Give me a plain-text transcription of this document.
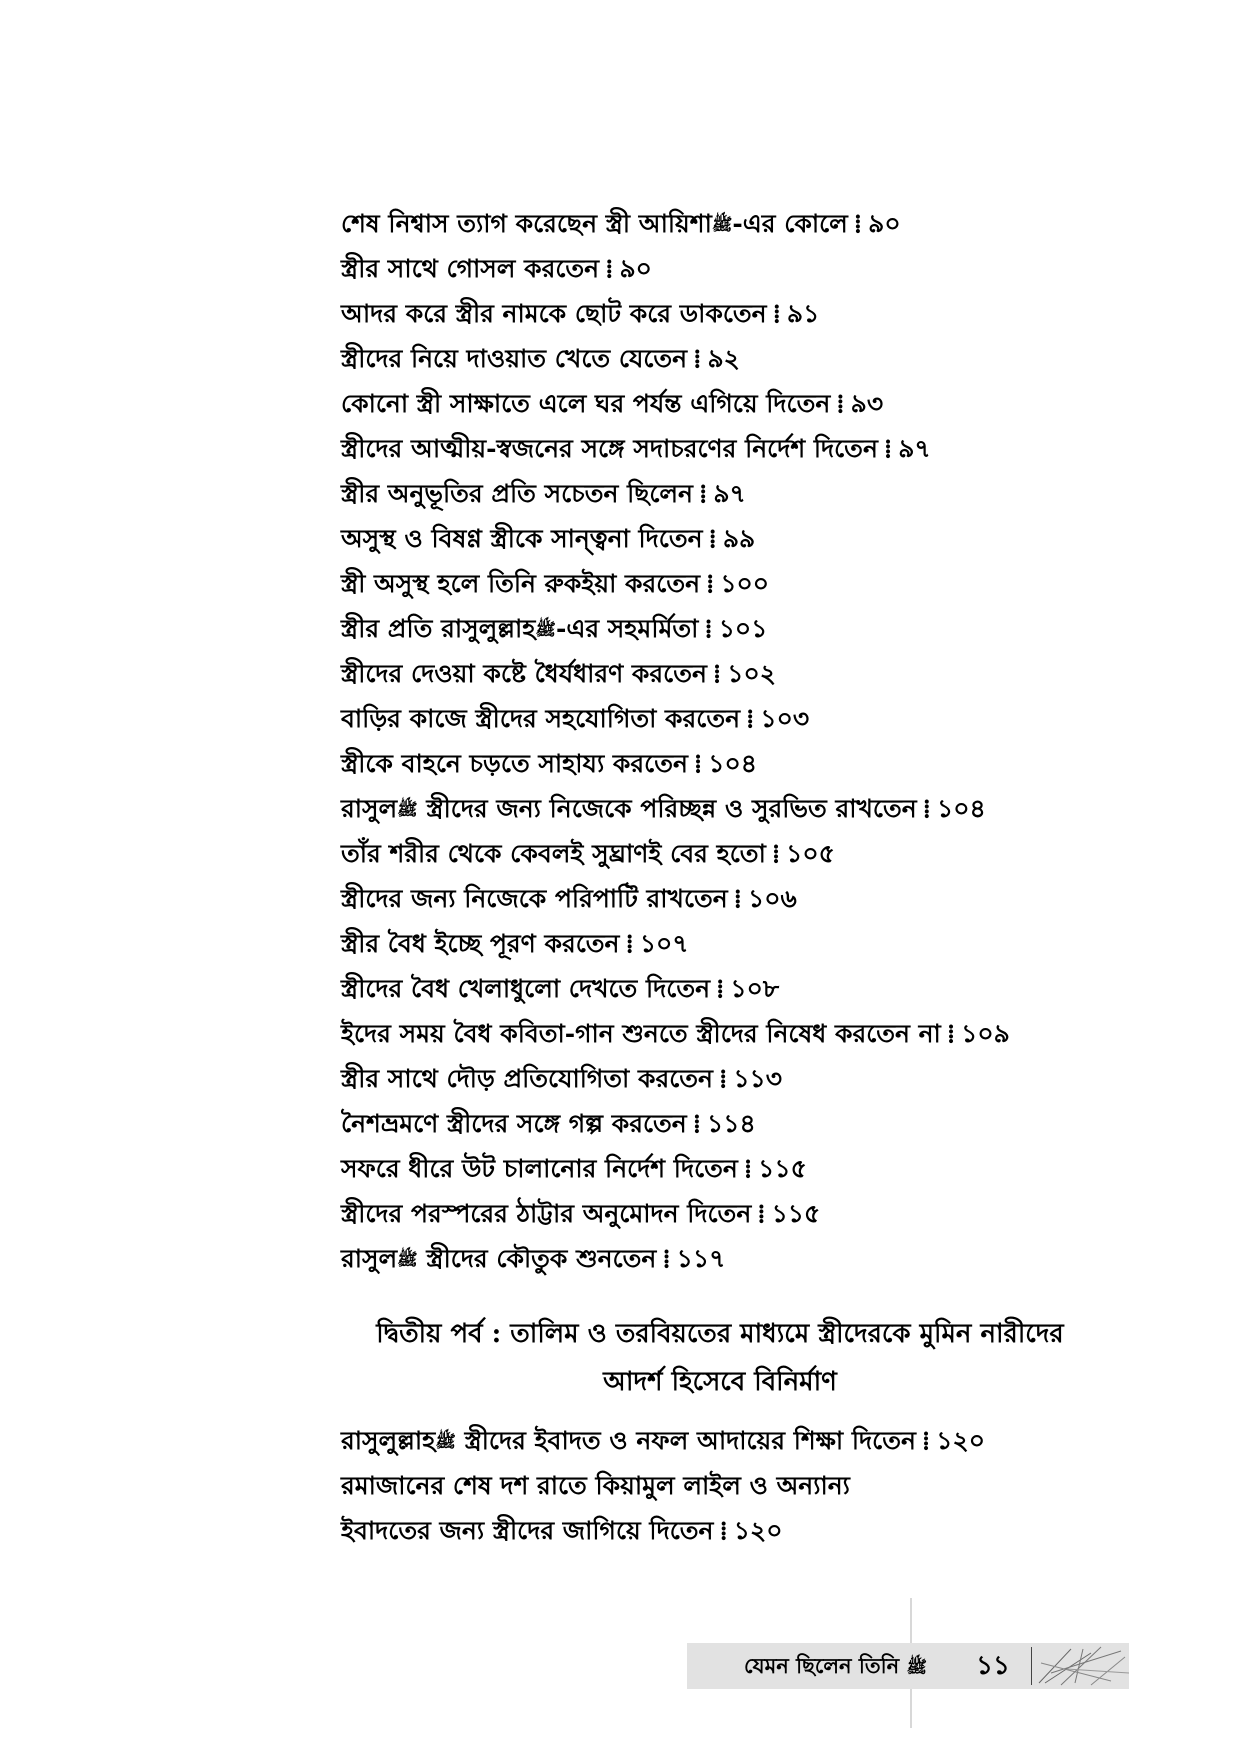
শেষ নিশ্বাস ত্যাগ করেছেন স্ত্রী আয়িশাﷺ-এর কোলে ⁞ ৯০
স্ত্রীর সাথে গোসল করতেন ⁞ ৯০
আদর করে স্ত্রীর নামকে ছোট করে ডাকতেন ⁞ ৯১
স্ত্রীদের নিয়ে দাওয়াত খেতে যেতেন ⁞ ৯২
কোনো স্ত্রী সাক্ষাতে এলে ঘর পর্যন্ত এগিয়ে দিতেন ⁞ ৯৩
স্ত্রীদের আত্মীয়-স্বজনের সঙ্গে সদাচরণের নির্দেশ দিতেন ⁞ ৯৭
স্ত্রীর অনুভূতির প্রতি সচেতন ছিলেন ⁞ ৯৭
অসুস্থ ও বিষণ্ণ স্ত্রীকে সান্ত্বনা দিতেন ⁞ ৯৯
স্ত্রী অসুস্থ হলে তিনি রুকইয়া করতেন ⁞ ১০০
স্ত্রীর প্রতি রাসুলুল্লাহﷺ-এর সহমর্মিতা ⁞ ১০১
স্ত্রীদের দেওয়া কষ্টে ধৈর্যধারণ করতেন ⁞ ১০২
বাড়ির কাজে স্ত্রীদের সহযোগিতা করতেন ⁞ ১০৩
স্ত্রীকে বাহনে চড়তে সাহায্য করতেন ⁞ ১০৪
রাসুলﷺ স্ত্রীদের জন্য নিজেকে পরিচ্ছন্ন ও সুরভিত রাখতেন ⁞ ১০৪
তাঁর শরীর থেকে কেবলই সুঘ্রাণই বের হতো ⁞ ১০৫
স্ত্রীদের জন্য নিজেকে পরিপাটি রাখতেন ⁞ ১০৬
স্ত্রীর বৈধ ইচ্ছে পূরণ করতেন ⁞ ১০৭
স্ত্রীদের বৈধ খেলাধুলো দেখতে দিতেন ⁞ ১০৮
ইদের সময় বৈধ কবিতা-গান শুনতে স্ত্রীদের নিষেধ করতেন না ⁞ ১০৯
স্ত্রীর সাথে দৌড় প্রতিযোগিতা করতেন ⁞ ১১৩
নৈশভ্রমণে স্ত্রীদের সঙ্গে গল্প করতেন ⁞ ১১৪
সফরে ধীরে উট চালানোর নির্দেশ দিতেন ⁞ ১১৫
স্ত্রীদের পরস্পরের ঠাট্টার অনুমোদন দিতেন ⁞ ১১৫
রাসুলﷺ স্ত্রীদের কৌতুক শুনতেন ⁞ ১১৭
দ্বিতীয় পর্ব : তালিম ও তরবিয়তের মাধ্যমে স্ত্রীদেরকে মুমিন নারীদের
আদর্শ হিসেবে বিনির্মাণ
রাসুলুল্লাহﷺ স্ত্রীদের ইবাদত ও নফল আদায়ের শিক্ষা দিতেন ⁞ ১২০
রমাজানের শেষ দশ রাতে কিয়ামুল লাইল ও অন্যান্য
ইবাদতের জন্য স্ত্রীদের জাগিয়ে দিতেন ⁞ ১২০
যেমন ছিলেন তিনি ﷺ	১১
